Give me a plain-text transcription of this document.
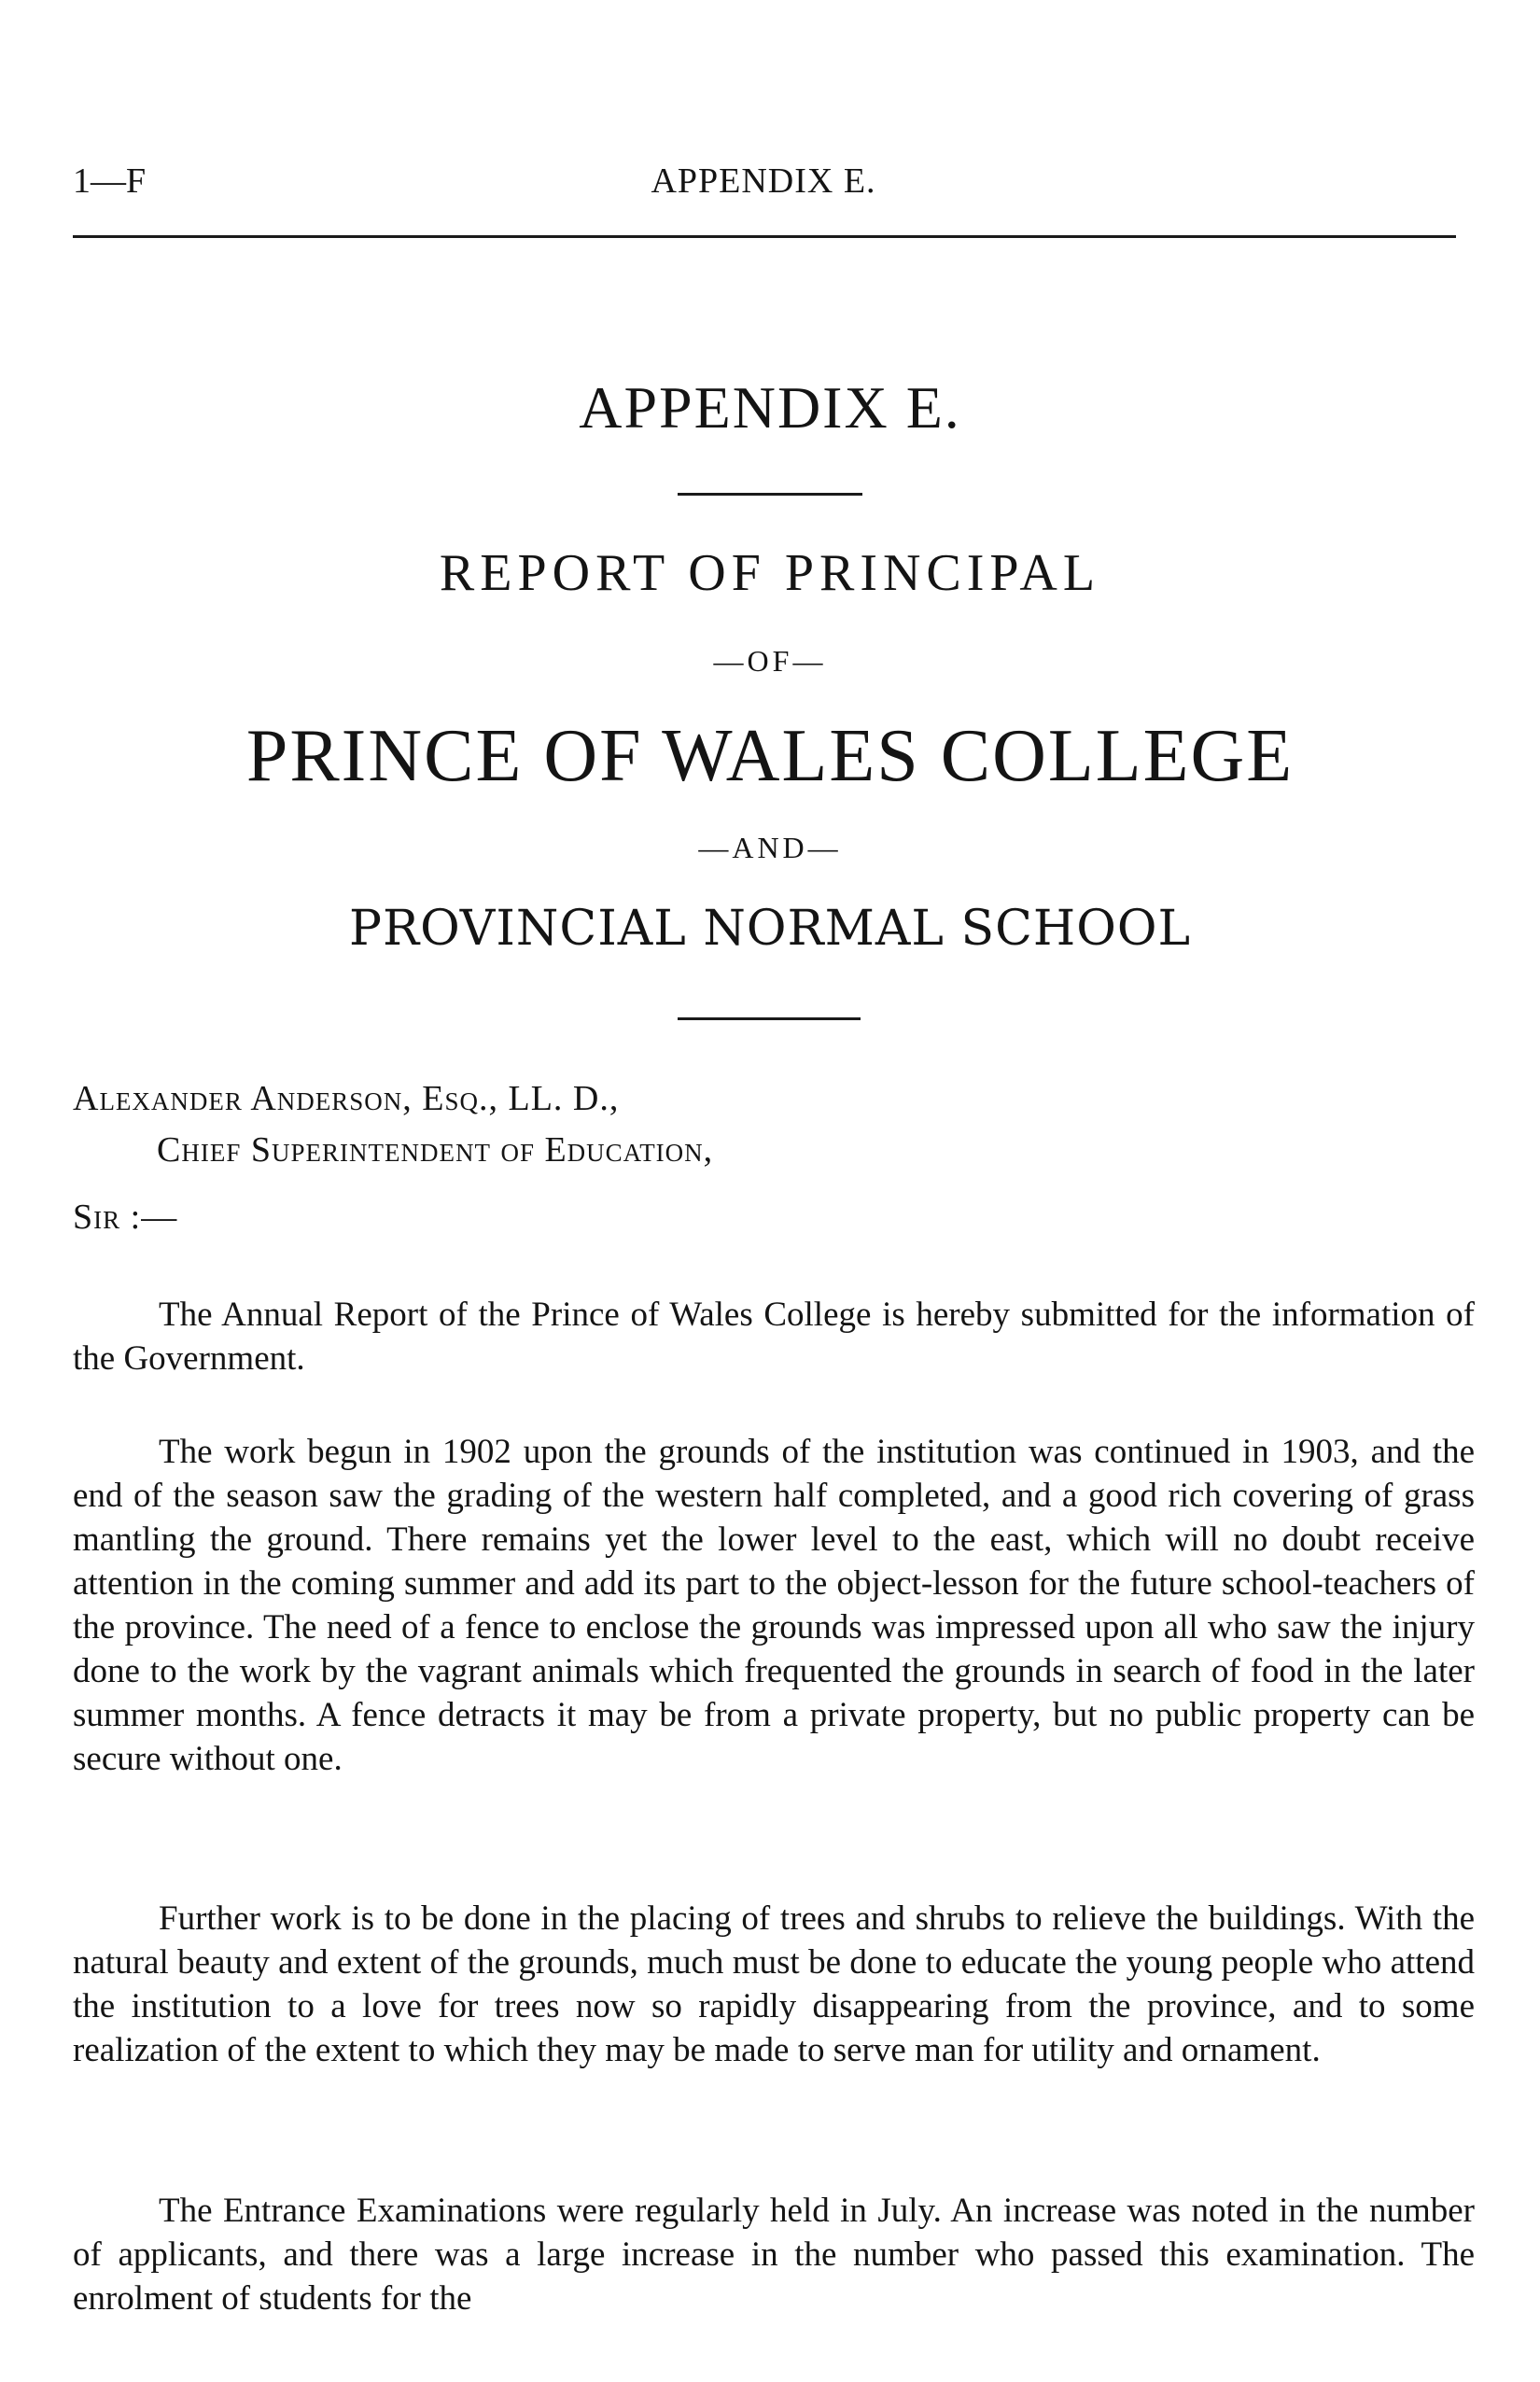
1—F	APPENDIX E.
APPENDIX E.
REPORT OF PRINCIPAL
—OF—
PRINCE OF WALES COLLEGE
—AND—
PROVINCIAL NORMAL SCHOOL
Alexander Anderson, Esq., LL. D.,
Chief Superintendent of Education,
Sir :—

The Annual Report of the Prince of Wales College is hereby submitted for the information of the Government.

The work begun in 1902 upon the grounds of the institution was continued in 1903, and the end of the season saw the grading of the western half completed, and a good rich covering of grass mantling the ground. There remains yet the lower level to the east, which will no doubt receive attention in the coming summer and add its part to the object-lesson for the future school-teachers of the province. The need of a fence to enclose the grounds was impressed upon all who saw the injury done to the work by the vagrant animals which frequented the grounds in search of food in the later summer months. A fence detracts it may be from a private property, but no public property can be secure without one.

Further work is to be done in the placing of trees and shrubs to relieve the buildings. With the natural beauty and extent of the grounds, much must be done to educate the young people who attend the institution to a love for trees now so rapidly disappearing from the province, and to some realization of the extent to which they may be made to serve man for utility and ornament.

The Entrance Examinations were regularly held in July. An increase was noted in the number of applicants, and there was a large increase in the number who passed this examination. The enrolment of students for the
